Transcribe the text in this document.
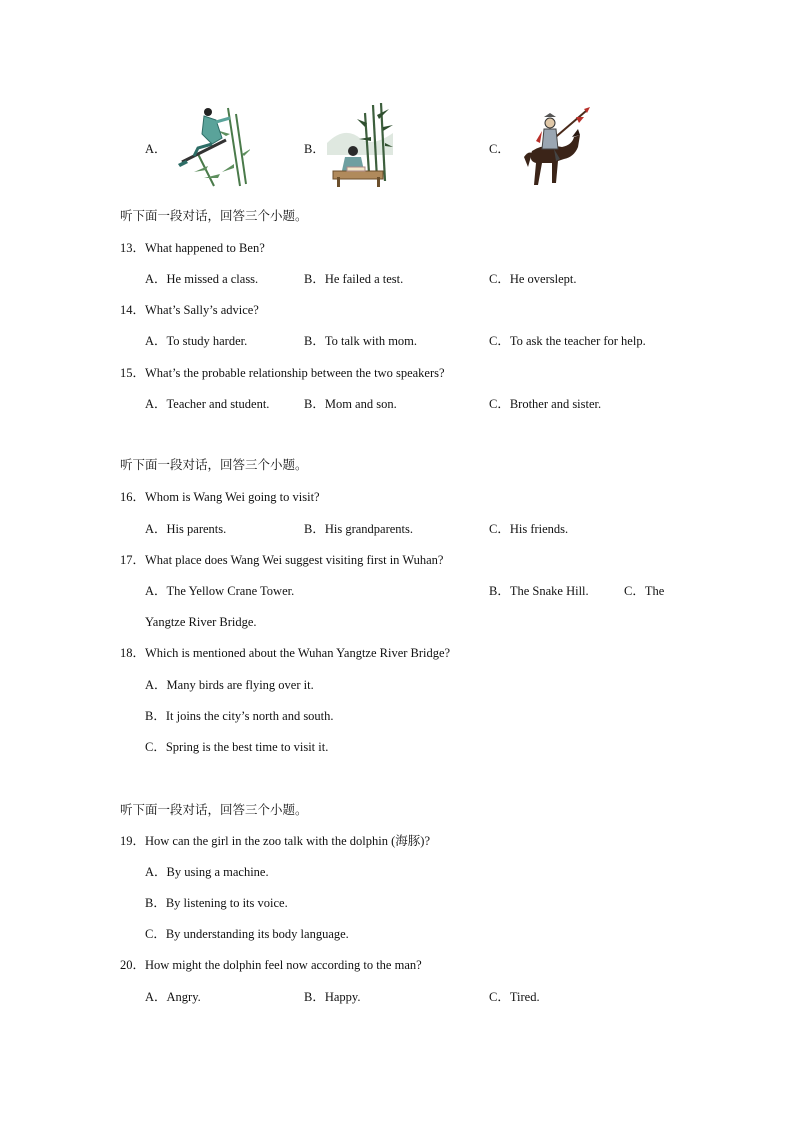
A．	B．	C．
听下面一段对话，回答三个小题。
13．What happened to Ben?
A．He missed a class.	B．He failed a test.	C．He overslept.
14．What’s Sally’s advice?
A．To study harder.	B．To talk with mom.	C．To ask the teacher for help.
15．What’s the probable relationship between the two speakers?
A．Teacher and student.	B．Mom and son.	C．Brother and sister.
听下面一段对话，回答三个小题。
16．Whom is Wang Wei going to visit?
A．His parents.	B．His grandparents.	C．His friends.
17．What place does Wang Wei suggest visiting first in Wuhan?
A．The Yellow Crane Tower.	B．The Snake Hill.	C．The
Yangtze River Bridge.
18．Which is mentioned about the Wuhan Yangtze River Bridge?
A．Many birds are flying over it.
B．It joins the city’s north and south.
C．Spring is the best time to visit it.
听下面一段对话，回答三个小题。
19．How can the girl in the zoo talk with the dolphin (海豚)?
A．By using a machine.
B．By listening to its voice.
C．By understanding its body language.
20．How might the dolphin feel now according to the man?
A．Angry.	B．Happy.	C．Tired.
